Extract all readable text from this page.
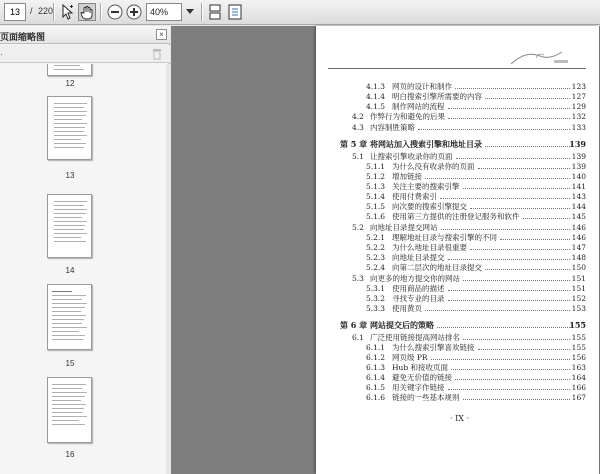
13
/ 220	40%
页面缩略图	×
·
12
13
14
15
16
4.1.3 网页的设计和制作	123
4.1.4 明白搜索引擎所需要的内容	127
4.1.5 制作网站的流程	129
4.2 作弊行为和避免的后果	132
4.3 内容制胜策略	133
第 5 章 将网站加入搜索引擎和地址目录	139
5.1 让搜索引擎收录你的页面	139
5.1.1 为什么没有收录你的页面	139
5.1.2 增加链接	140
5.1.3 关注主要的搜索引擎	141
5.1.4 使用付费索引	143
5.1.5 向次要的搜索引擎提交	144
5.1.6 使用第三方提供的注册登记服务和软件	145
5.2 向地址目录提交网站	146
5.2.1 理解地址目录与搜索引擎的不同	146
5.2.2 为什么地址目录很重要	147
5.2.3 向地址目录提交	148
5.2.4 向第二层次的地址目录提交	150
5.3 向更多的地方提交你的网站	151
5.3.1 使用商品的描述	151
5.3.2 寻找专业的目录	152
5.3.3 使用黄页	153
第 6 章 网站提交后的策略	155
6.1 广泛使用链接提高网站排名	155
6.1.1 为什么搜索引擎喜欢链接	155
6.1.2 网页级 PR	156
6.1.3 Hub 和接收页面	163
6.1.4 避免无价值的链接	164
6.1.5 用关键字作链接	166
6.1.6 链接的一些基本规则	167
· IX ·
